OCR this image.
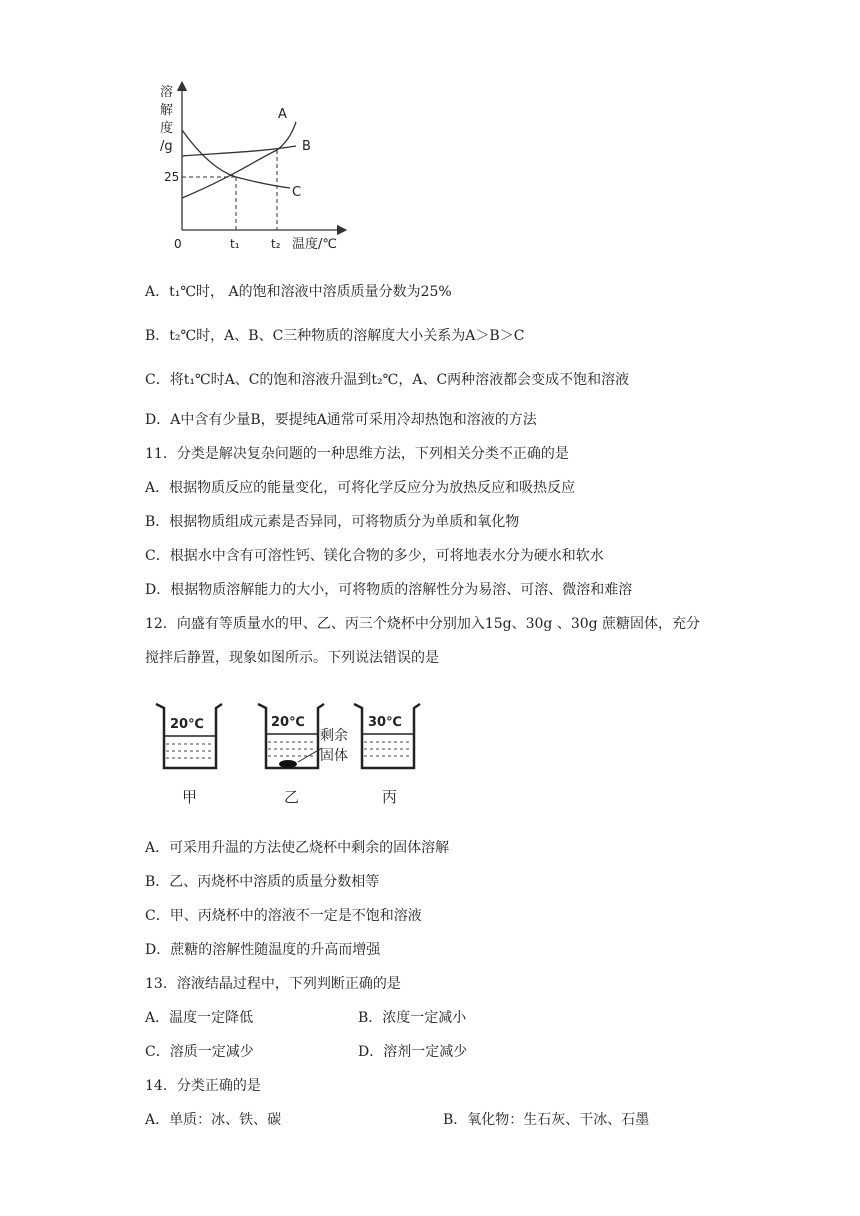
溶
解
度
/g
A
B
C
25
0	t₁	t₂ 温度/℃
A．t₁℃时， A的饱和溶液中溶质质量分数为25%
B．t₂℃时，A、B、C三种物质的溶解度大小关系为A＞B＞C
C．将t₁℃时A、C的饱和溶液升温到t₂℃，A、C两种溶液都会变成不饱和溶液
D．A中含有少量B，要提纯A通常可采用冷却热饱和溶液的方法
11．分类是解决复杂问题的一种思维方法，下列相关分类不正确的是
A．根据物质反应的能量变化，可将化学反应分为放热反应和吸热反应
B．根据物质组成元素是否异同，可将物质分为单质和氧化物
C．根据水中含有可溶性钙、镁化合物的多少，可将地表水分为硬水和软水
D．根据物质溶解能力的大小，可将物质的溶解性分为易溶、可溶、微溶和难溶
12．向盛有等质量水的甲、乙、丙三个烧杯中分别加入15g、30g 、30g 蔗糖固体，充分
搅拌后静置，现象如图所示。下列说法错误的是
20℃
甲
20℃
剩余
固体
乙
30℃
丙
A．可采用升温的方法使乙烧杯中剩余的固体溶解
B．乙、丙烧杯中溶质的质量分数相等
C．甲、丙烧杯中的溶液不一定是不饱和溶液
D．蔗糖的溶解性随温度的升高而增强
13．溶液结晶过程中，下列判断正确的是
A．温度一定降低	B．浓度一定减小
C．溶质一定减少	D．溶剂一定减少
14．分类正确的是
A．单质：冰、铁、碳	B．氧化物：生石灰、干冰、石墨
